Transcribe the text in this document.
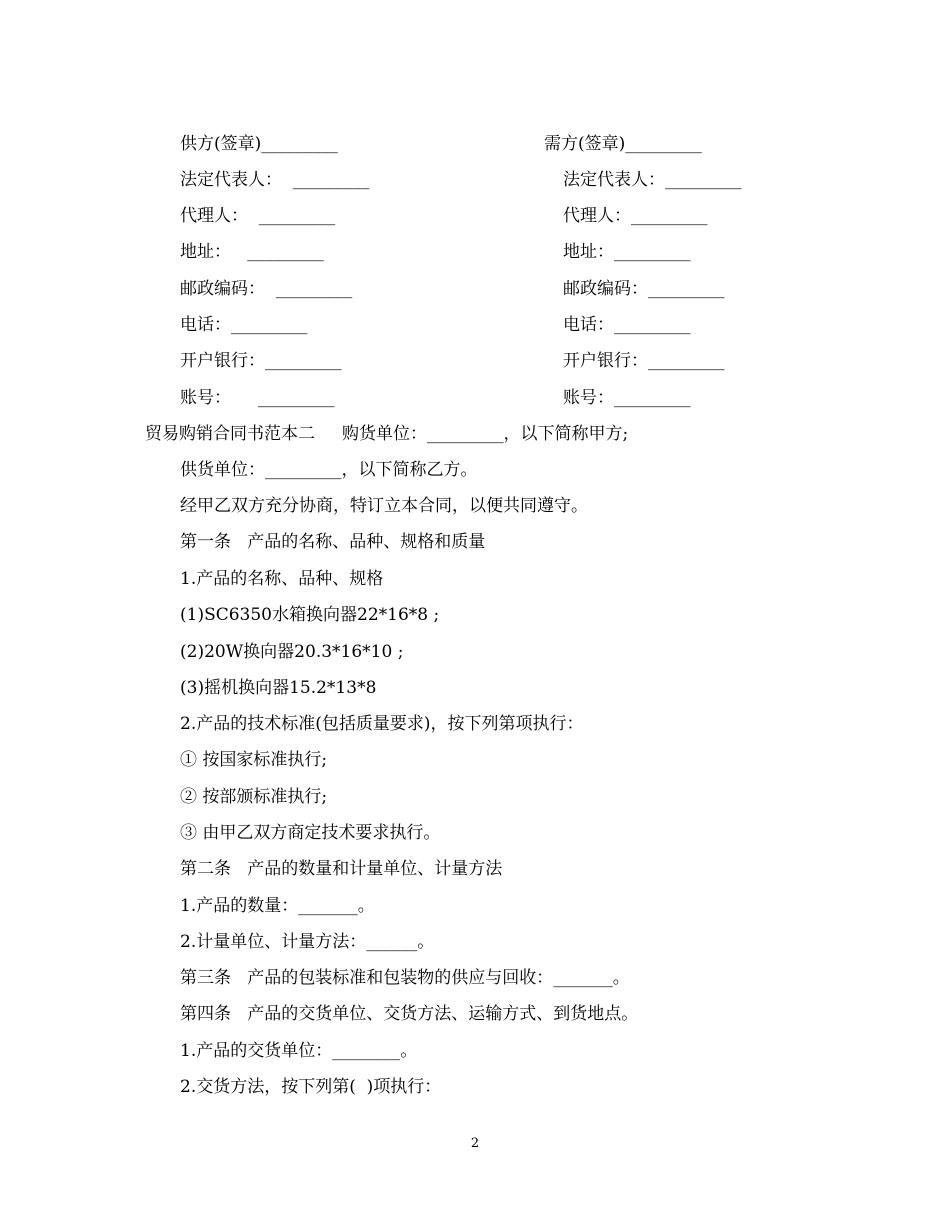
供方(签章)_________
法定代表人：  _________
代理人：  _________
地址：   _________
邮政编码：  _________
电话：_________
开户银行：_________
账号：     _________
需方(签章)_________
法定代表人：_________
代理人：_________
地址：_________
邮政编码：_________
电话：_________
开户银行：_________
账号：_________
贸易购销合同书范本二     购货单位：_________，以下简称甲方;
供货单位：_________，以下简称乙方。
经甲乙双方充分协商，特订立本合同，以便共同遵守。
第一条   产品的名称、品种、规格和质量
1.产品的名称、品种、规格
(1)SC6350水箱换向器22*16*8 ;
(2)20W换向器20.3*16*10 ;
(3)摇机换向器15.2*13*8
2.产品的技术标准(包括质量要求)，按下列第项执行：
① 按国家标准执行;
② 按部颁标准执行;
③ 由甲乙双方商定技术要求执行。
第二条   产品的数量和计量单位、计量方法
1.产品的数量：_______。
2.计量单位、计量方法：______。
第三条   产品的包装标准和包装物的供应与回收：_______。
第四条   产品的交货单位、交货方法、运输方式、到货地点。
1.产品的交货单位：________。
2.交货方法，按下列第(  )项执行：
2
